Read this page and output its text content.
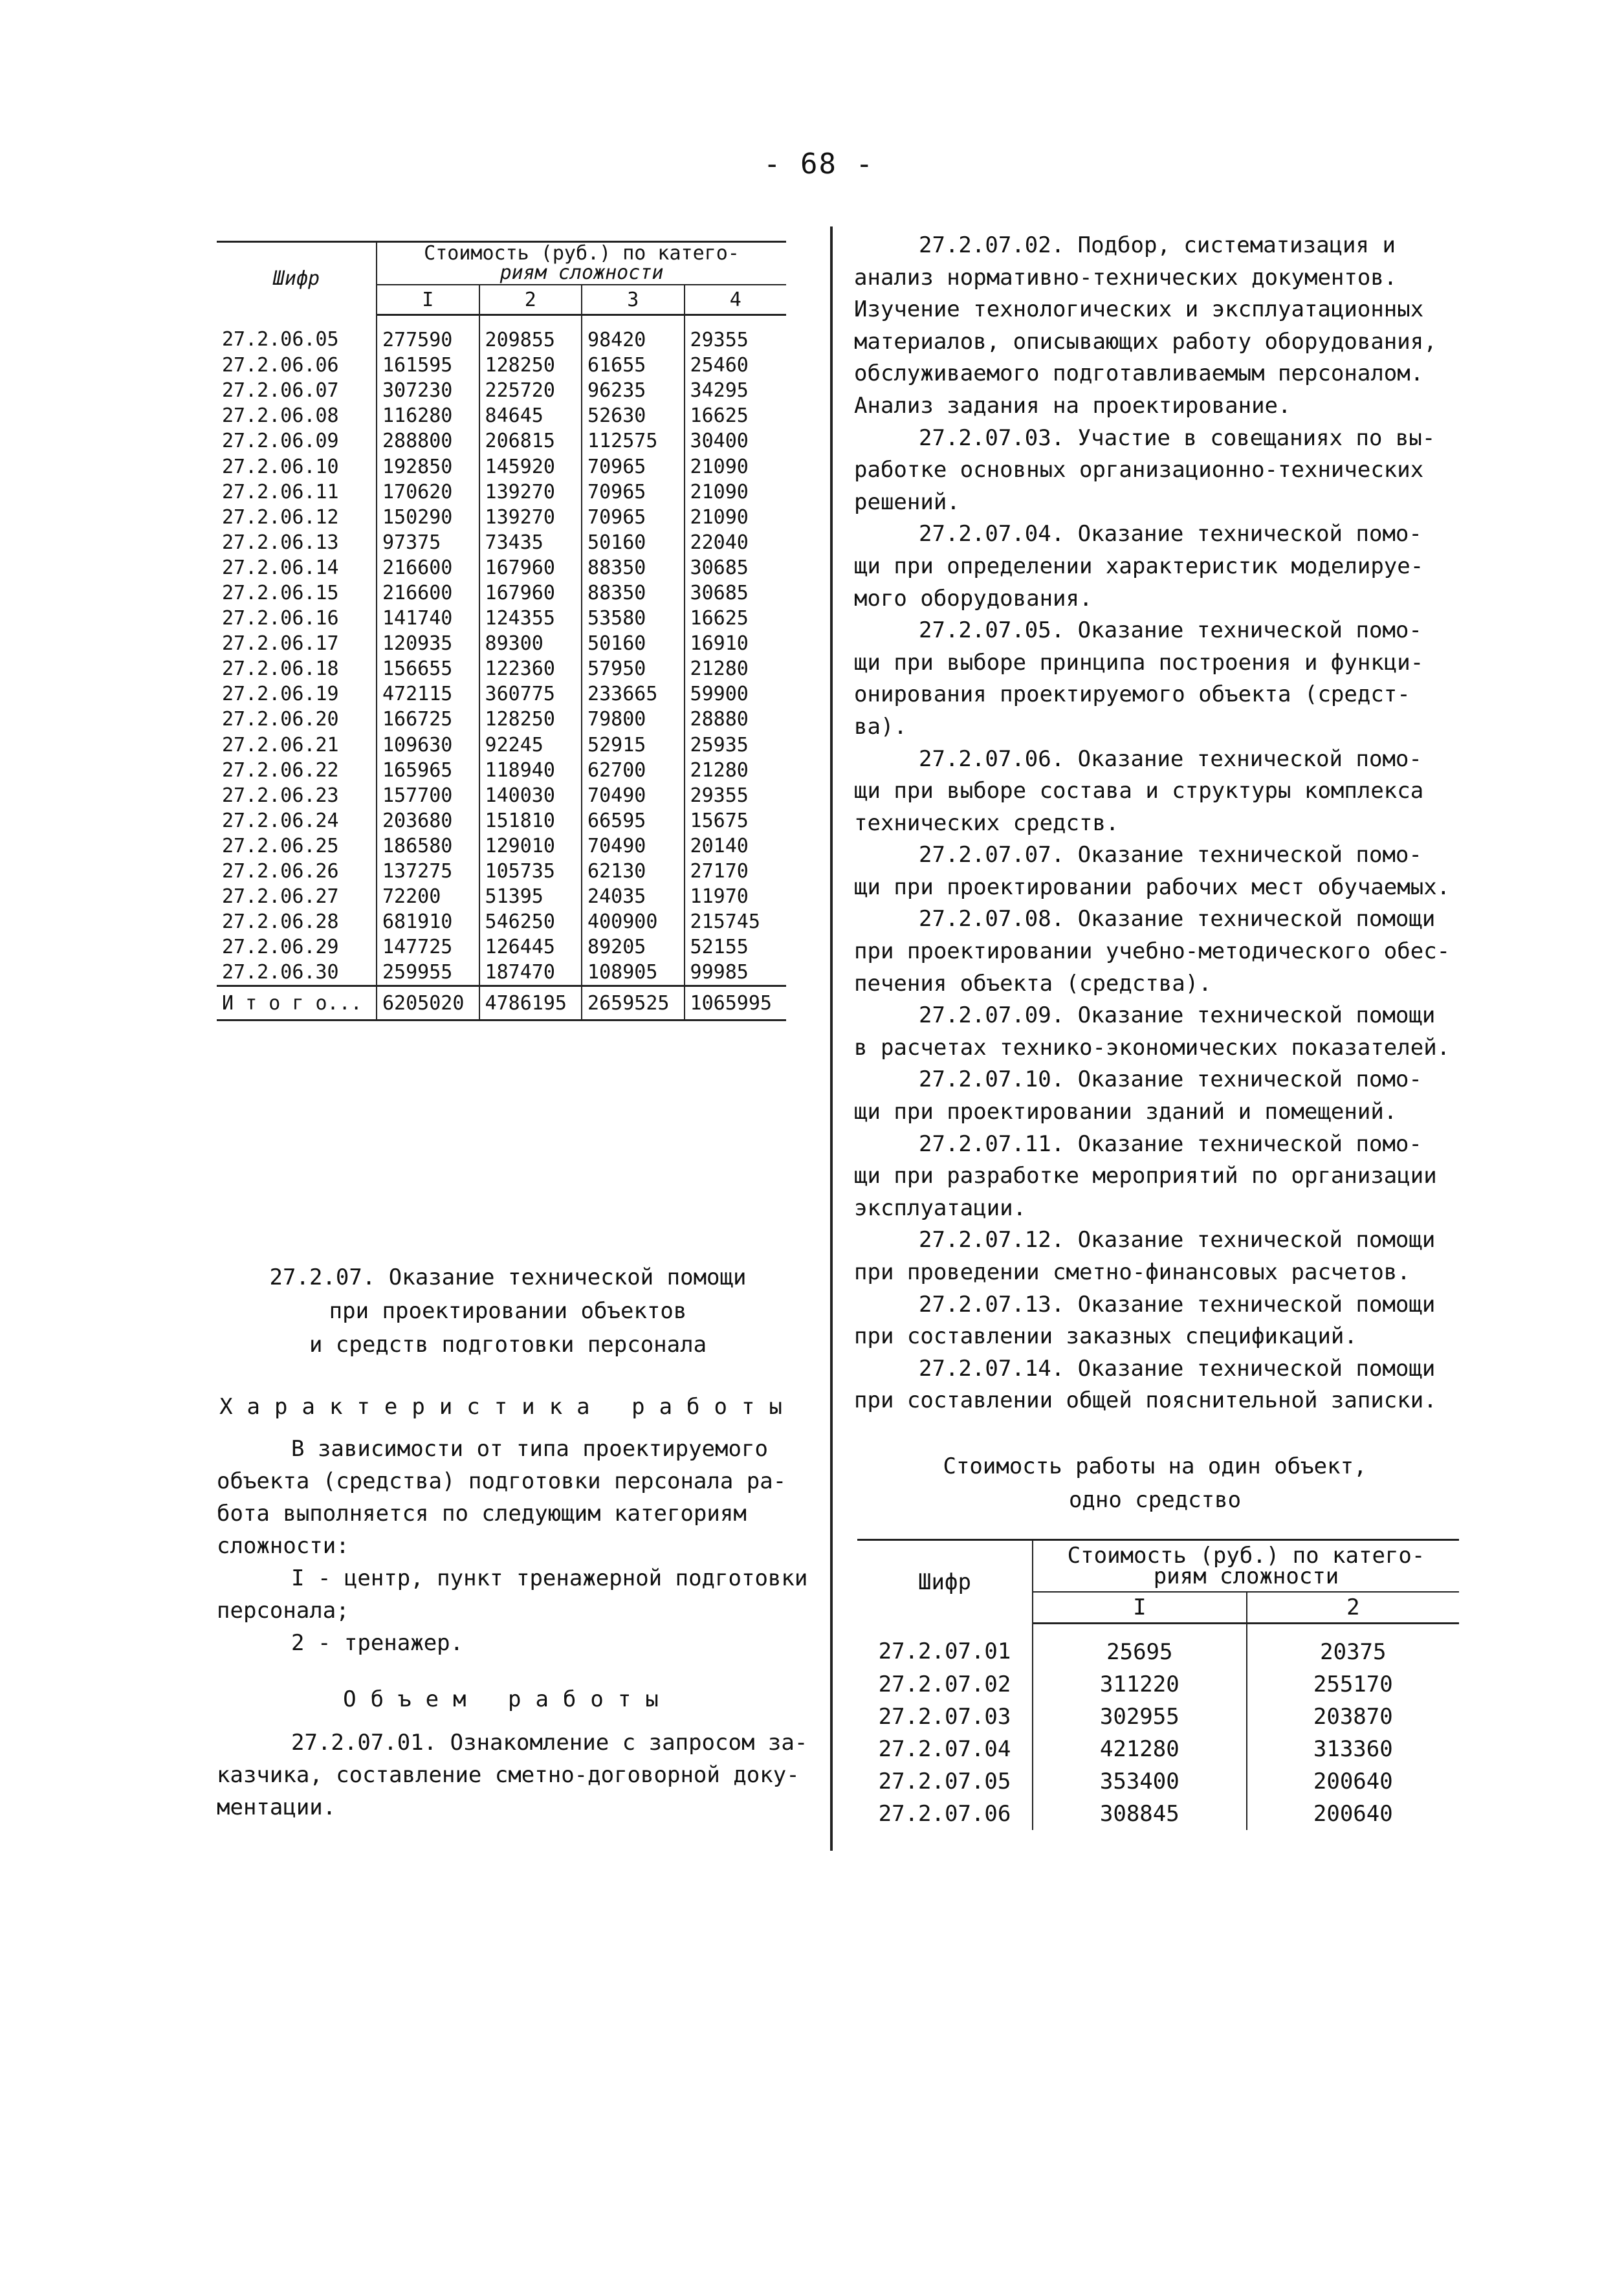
- 68 -
Шифр	Стоимость (руб.) по катего-
риям сложности			

	I	2	3	4
27.2.06.05	277590	209855	98420	29355
27.2.06.06	161595	128250	61655	25460
27.2.06.07	307230	225720	96235	34295
27.2.06.08	116280	84645	52630	16625
27.2.06.09	288800	206815	112575	30400
27.2.06.10	192850	145920	70965	21090
27.2.06.11	170620	139270	70965	21090
27.2.06.12	150290	139270	70965	21090
27.2.06.13	97375	73435	50160	22040
27.2.06.14	216600	167960	88350	30685
27.2.06.15	216600	167960	88350	30685
27.2.06.16	141740	124355	53580	16625
27.2.06.17	120935	89300	50160	16910
27.2.06.18	156655	122360	57950	21280
27.2.06.19	472115	360775	233665	59900
27.2.06.20	166725	128250	79800	28880
27.2.06.21	109630	92245	52915	25935
27.2.06.22	165965	118940	62700	21280
27.2.06.23	157700	140030	70490	29355
27.2.06.24	203680	151810	66595	15675
27.2.06.25	186580	129010	70490	20140
27.2.06.26	137275	105735	62130	27170
27.2.06.27	72200	51395	24035	11970
27.2.06.28	681910	546250	400900	215745
27.2.06.29	147725	126445	89205	52155
27.2.06.30	259955	187470	108905	99985
И т о г о...	6205020	4786195	2659525	1065995
27.2.07. Оказание технической помощи
при проектировании объектов
и средств подготовки персонала
Характеристика работы
В зависимости от типа проектируемого
объекта (средства) подготовки персонала ра-
бота выполняется по следующим категориям
сложности:
I - центр, пункт тренажерной подготовки
персонала;
2 - тренажер.
Объем работы
27.2.07.01. Ознакомление с запросом за-
казчика, составление сметно-договорной доку-
ментации.

27.2.07.02. Подбор, систематизация и
анализ нормативно-технических документов.
Изучение технологических и эксплуатационных
материалов, описывающих работу оборудования,
обслуживаемого подготавливаемым персоналом.
Анализ задания на проектирование.

27.2.07.03. Участие в совещаниях по вы-
работке основных организационно-технических
решений.

27.2.07.04. Оказание технической помо-
щи при определении характеристик моделируе-
мого оборудования.

27.2.07.05. Оказание технической помо-
щи при выборе принципа построения и функци-
онирования проектируемого объекта (средст-
ва).

27.2.07.06. Оказание технической помо-
щи при выборе состава и структуры комплекса
технических средств.

27.2.07.07. Оказание технической помо-
щи при проектировании рабочих мест обучаемых.

27.2.07.08. Оказание технической помощи
при проектировании учебно-методического обес-
печения объекта (средства).

27.2.07.09. Оказание технической помощи
в расчетах технико-экономических показателей.

27.2.07.10. Оказание технической помо-
щи при проектировании зданий и помещений.

27.2.07.11. Оказание технической помо-
щи при разработке мероприятий по организации
эксплуатации.

27.2.07.12. Оказание технической помощи
при проведении сметно-финансовых расчетов.

27.2.07.13. Оказание технической помощи
при составлении заказных спецификаций.

27.2.07.14. Оказание технической помощи
при составлении общей пояснительной записки.

Стоимость работы на один объект,
одно средство
Шифр	Стоимость (руб.) по катего-
риям сложности	

	I	2
27.2.07.01	25695	20375
27.2.07.02	311220	255170
27.2.07.03	302955	203870
27.2.07.04	421280	313360
27.2.07.05	353400	200640
27.2.07.06	308845	200640
